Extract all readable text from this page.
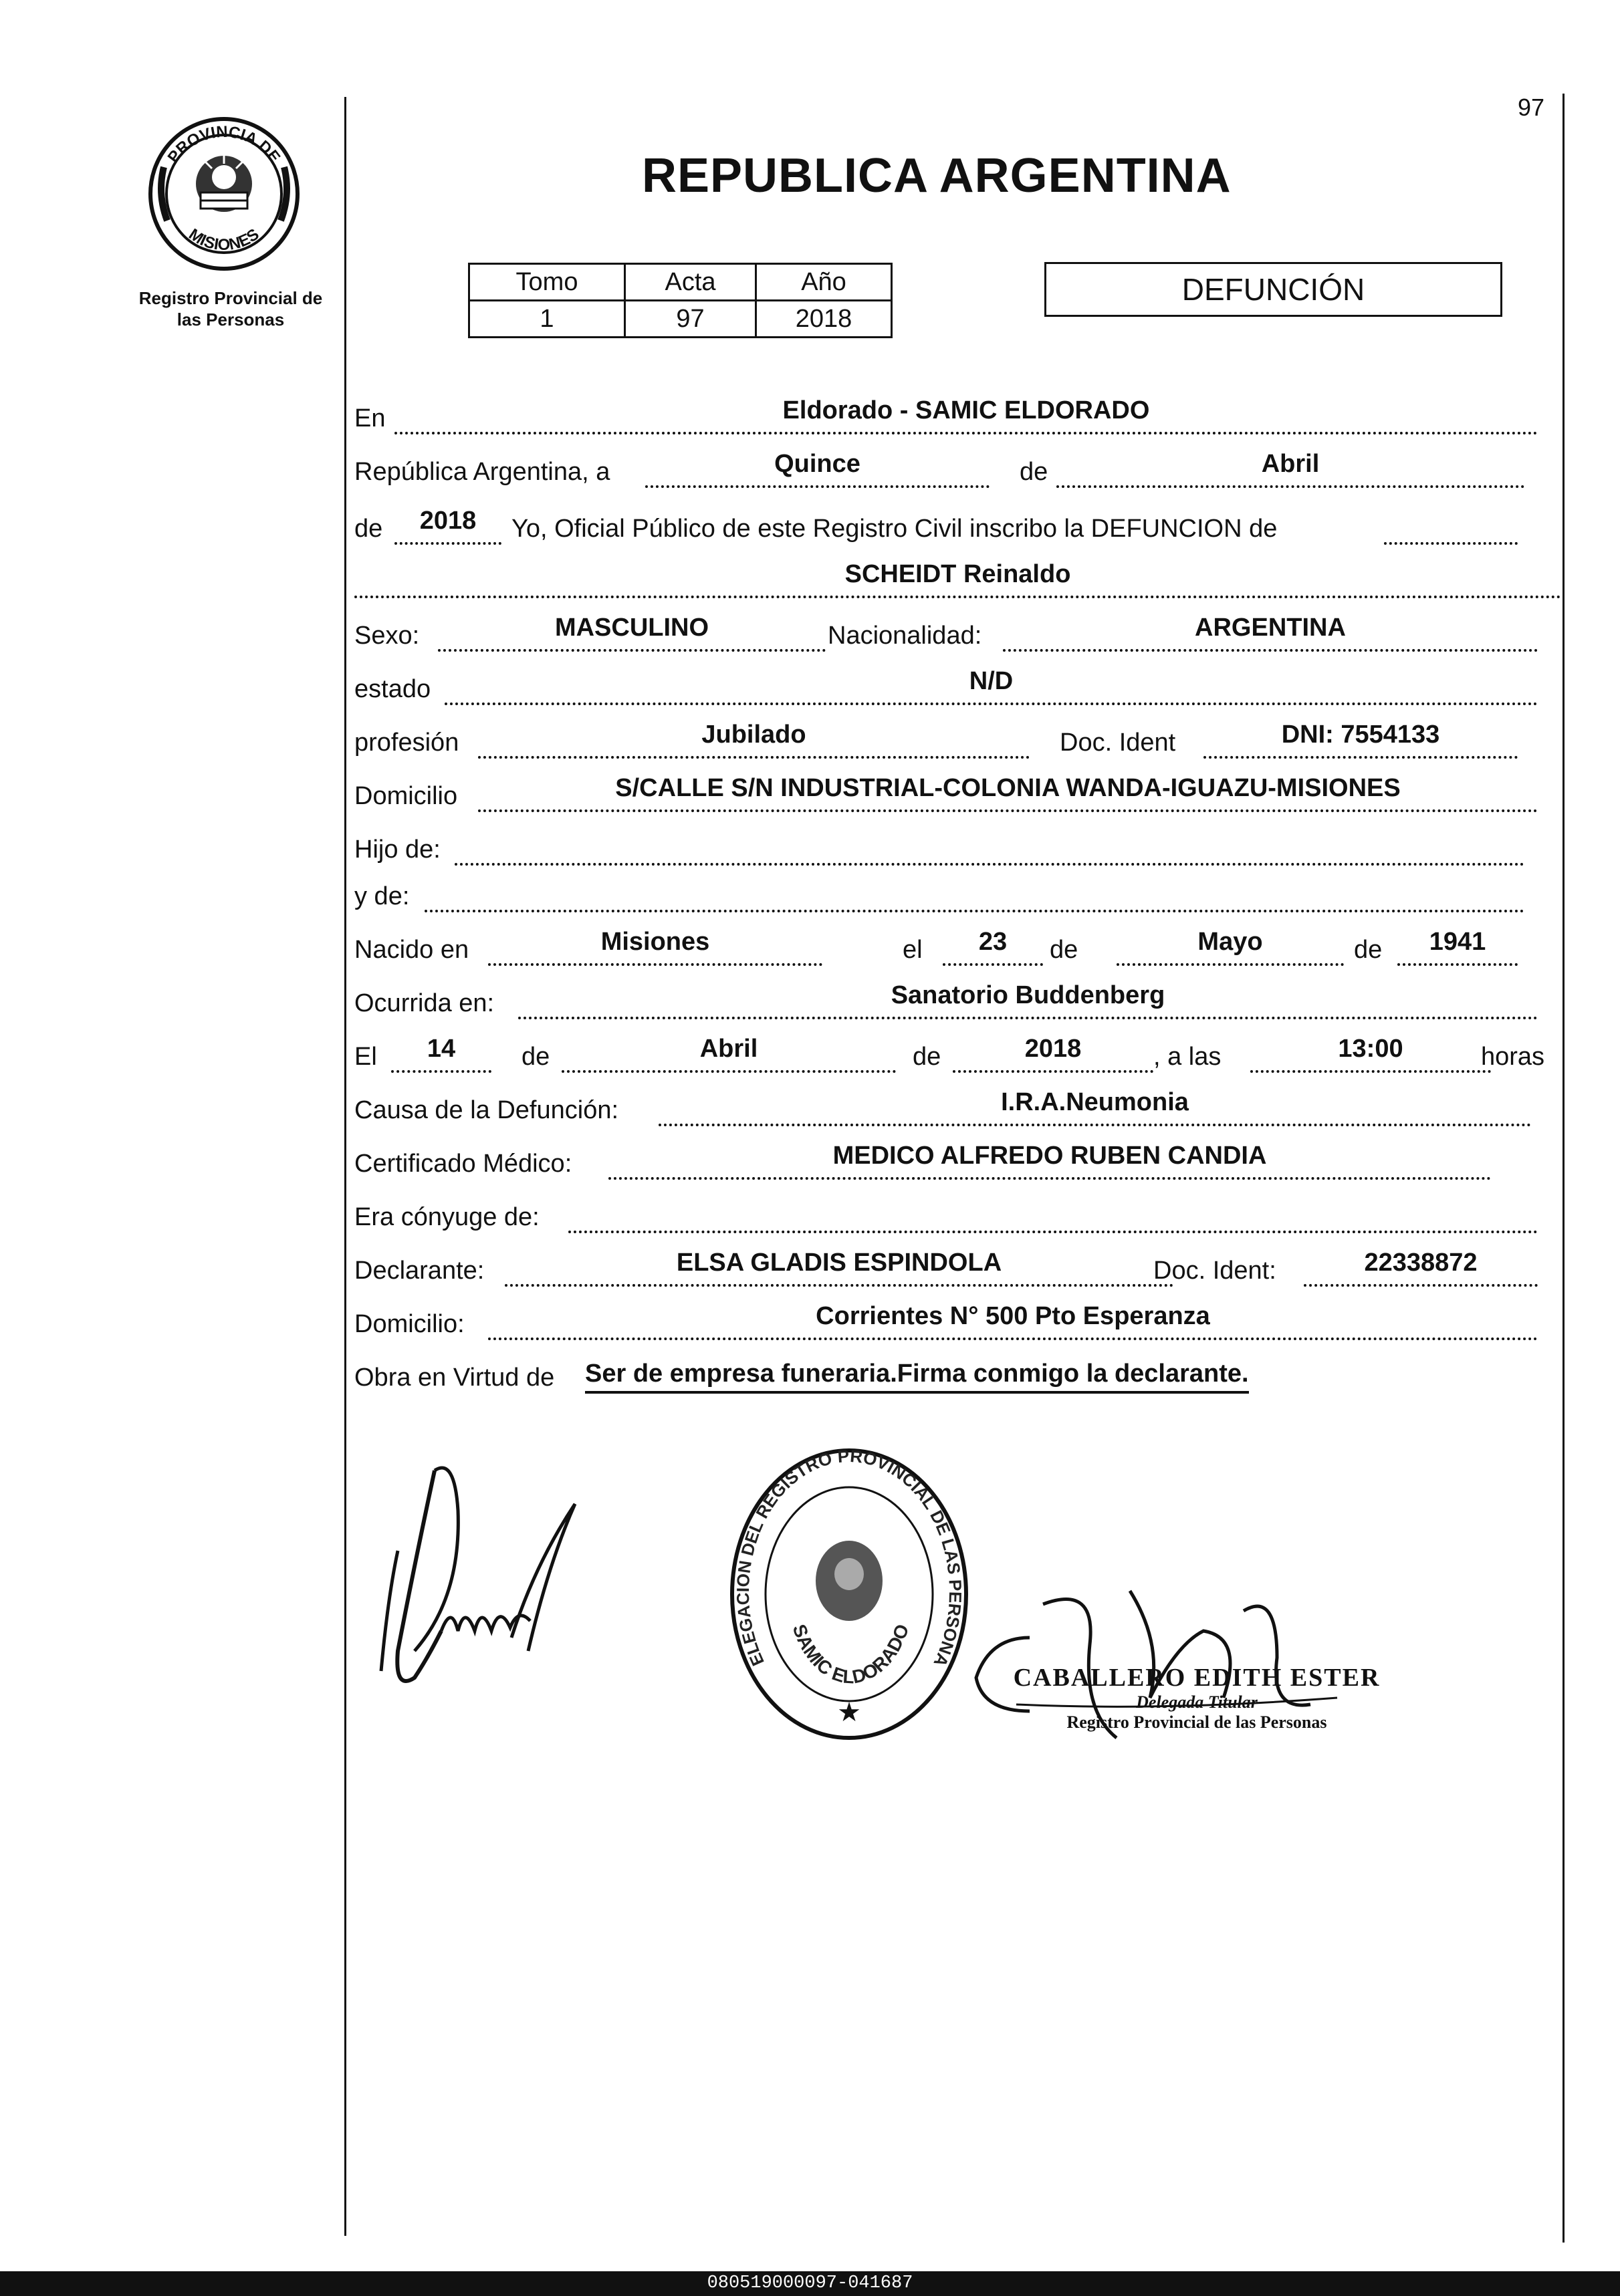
97
PROVINCIA DE
MISIONES
Registro Provincial de
las Personas
REPUBLICA ARGENTINA
Tomo	Acta	Año
1	97	2018
DEFUNCIÓN
En	Eldorado - SAMIC ELDORADO
República Argentina, a	Quince	de	Abril
de	2018	Yo, Oficial Público de este Registro Civil inscribo la DEFUNCION de
SCHEIDT Reinaldo
Sexo:	MASCULINO	Nacionalidad:	ARGENTINA
estado	N/D
profesión	Jubilado	Doc. Ident	DNI: 7554133
Domicilio	S/CALLE S/N INDUSTRIAL-COLONIA WANDA-IGUAZU-MISIONES
Hijo de:
y de:
Nacido en	Misiones	el	23	de	Mayo	de	1941
Ocurrida en:	Sanatorio Buddenberg
El	14	de	Abril	de	2018	, a las	13:00	horas
Causa de la Defunción:	I.R.A.Neumonia
Certificado Médico:	MEDICO ALFREDO RUBEN CANDIA
Era cónyuge de:
Declarante:	ELSA GLADIS ESPINDOLA	Doc. Ident:	22338872
Domicilio:	Corrientes N° 500 Pto Esperanza
Obra en Virtud de Ser de empresa funeraria.Firma conmigo la declarante.
ELEGACION DEL REGISTRO PROVINCIAL DE LAS PERSONA
SAMIC ELDORADO
★
CABALLERO EDITH ESTER
Delegada Titular
Registro Provincial de las Personas
080519000097-041687
